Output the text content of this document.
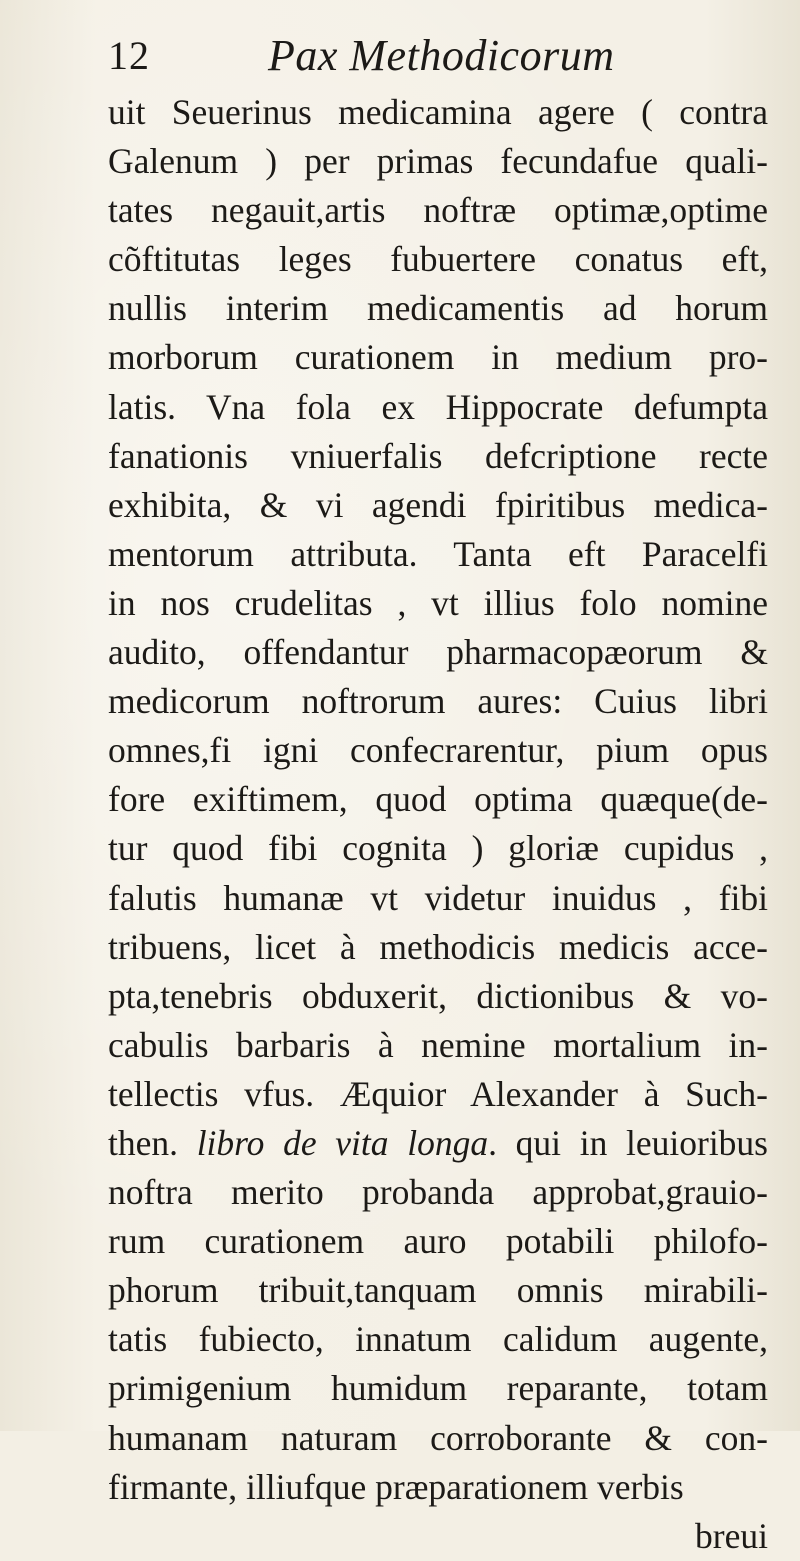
12	Pax Methodicorum
uit Seuerinus medicamina agere ( contra
Galenum ) per primas fecundafue quali-
tates negauit,artis noftræ optimæ,optime
cõftitutas leges fubuertere conatus eft,
nullis interim medicamentis ad horum
morborum curationem in medium pro-
latis. Vna fola ex Hippocrate defumpta
fanationis vniuerfalis defcriptione recte
exhibita, & vi agendi fpiritibus medica-
mentorum attributa. Tanta eft Paracelfi
in nos crudelitas , vt illius folo nomine
audito, offendantur pharmacopæorum &
medicorum noftrorum aures: Cuius libri
omnes,fi igni confecrarentur, pium opus
fore exiftimem, quod optima quæque(de-
tur quod fibi cognita ) gloriæ cupidus ,
falutis humanæ vt videtur inuidus , fibi
tribuens, licet à methodicis medicis acce-
pta,tenebris obduxerit, dictionibus & vo-
cabulis barbaris à nemine mortalium in-
tellectis vfus. Æquior Alexander à Such-
then. libro de vita longa. qui in leuioribus
noftra merito probanda approbat,grauio-
rum curationem auro potabili philofo-
phorum tribuit,tanquam omnis mirabili-
tatis fubiecto, innatum calidum augente,
primigenium humidum reparante, totam
humanam naturam corroborante & con-
firmante, illiufque præparationem verbis
breui
